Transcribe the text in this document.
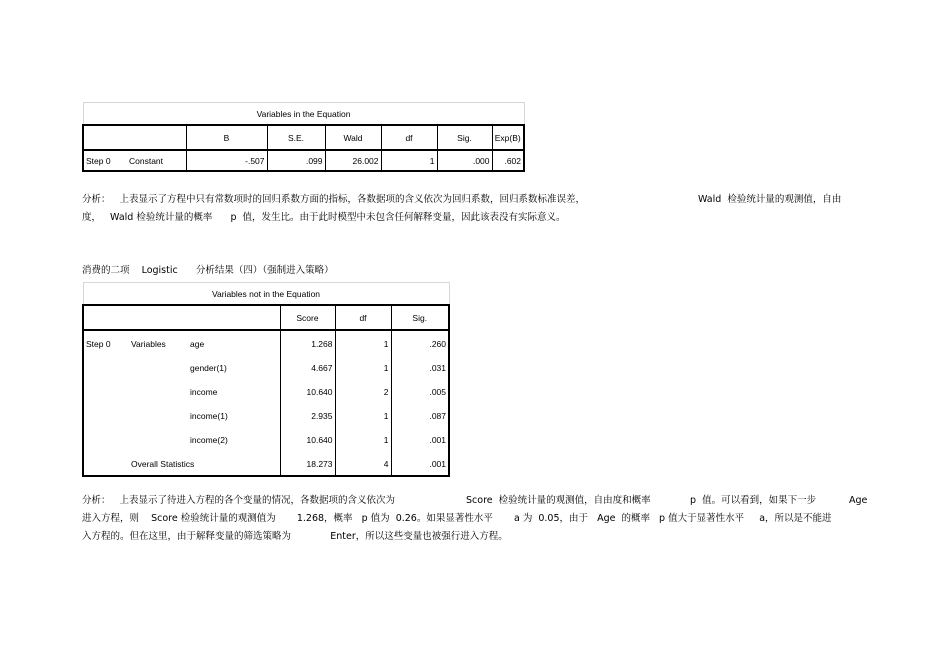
Variables in the Equation							
		B	S.E.	Wald	df	Sig.	Exp(B)
Step 0	Constant	-.507	.099	26.002	1	.000	.602
分析：   上表显示了方程中只有常数项时的回归系数方面的指标，各数据项的含义依次为回归系数，回归系数标准误差，	Wald  检验统计量的观测值，自由
度，   Wald 检验统计量的概率      p  值，发生比。由于此时模型中未包含任何解释变量，因此该表没有实际意义。
消费的二项    Logistic      分析结果（四）（强制进入策略）
Variables not in the Equation					
			Score	df	Sig.
Step 0	Variables	age	1.268	1	.260
		gender(1)	4.667	1	.031
		income	10.640	2	.005
		income(1)	2.935	1	.087
		income(2)	10.640	1	.001
	Overall Statistics		18.273	4	.001
分析：   上表显示了待进入方程的各个变量的情况，各数据项的含义依次为	Score  检验统计量的观测值，自由度和概率	p  值。可以看到，如果下一步	Age
进入方程，则    Score 检验统计量的观测值为       1.268，概率   p 值为  0.26。如果显著性水平       a 为  0.05，由于   Age  的概率   p 值大于显著性水平     a，所以是不能进
入方程的。但在这里，由于解释变量的筛选策略为             Enter，所以这些变量也被强行进入方程。
